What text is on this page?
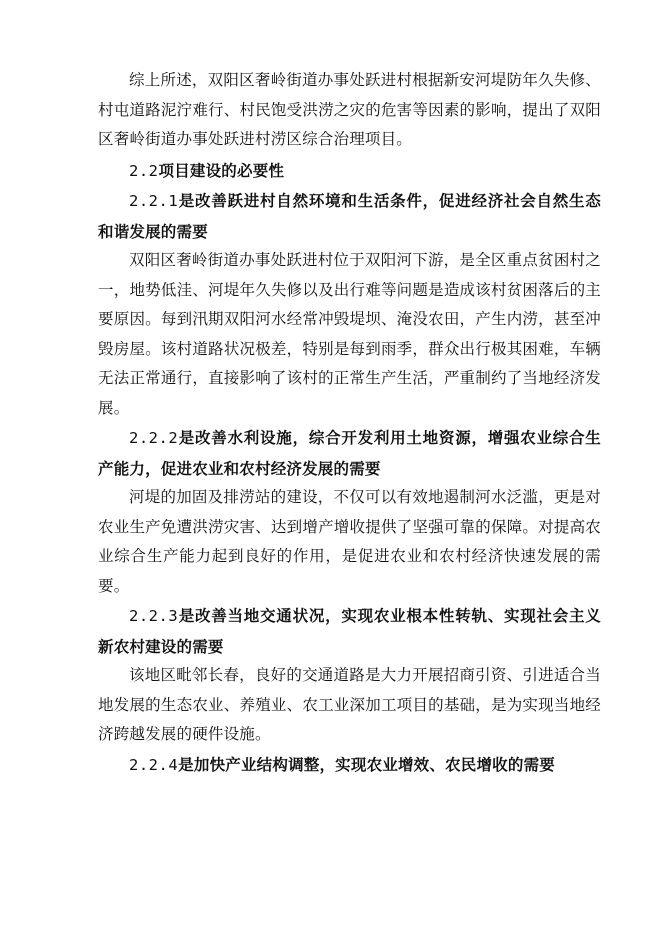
综上所述，双阳区奢岭街道办事处跃进村根据新安河堤防年久失修、村屯道路泥泞难行、村民饱受洪涝之灾的危害等因素的影响，提出了双阳区奢岭街道办事处跃进村涝区综合治理项目。

2.2项目建设的必要性

2.2.1是改善跃进村自然环境和生活条件，促进经济社会自然生态和谐发展的需要

双阳区奢岭街道办事处跃进村位于双阳河下游，是全区重点贫困村之一，地势低洼、河堤年久失修以及出行难等问题是造成该村贫困落后的主要原因。每到汛期双阳河水经常冲毁堤坝、淹没农田，产生内涝，甚至冲毁房屋。该村道路状况极差，特别是每到雨季，群众出行极其困难，车辆无法正常通行，直接影响了该村的正常生产生活，严重制约了当地经济发展。

2.2.2是改善水利设施，综合开发利用土地资源，增强农业综合生产能力，促进农业和农村经济发展的需要

河堤的加固及排涝站的建设，不仅可以有效地遏制河水泛滥，更是对农业生产免遭洪涝灾害、达到增产增收提供了坚强可靠的保障。对提高农业综合生产能力起到良好的作用，是促进农业和农村经济快速发展的需要。

2.2.3是改善当地交通状况，实现农业根本性转轨、实现社会主义新农村建设的需要

该地区毗邻长春，良好的交通道路是大力开展招商引资、引进适合当地发展的生态农业、养殖业、农工业深加工项目的基础，是为实现当地经济跨越发展的硬件设施。

2.2.4是加快产业结构调整，实现农业增效、农民增收的需要
